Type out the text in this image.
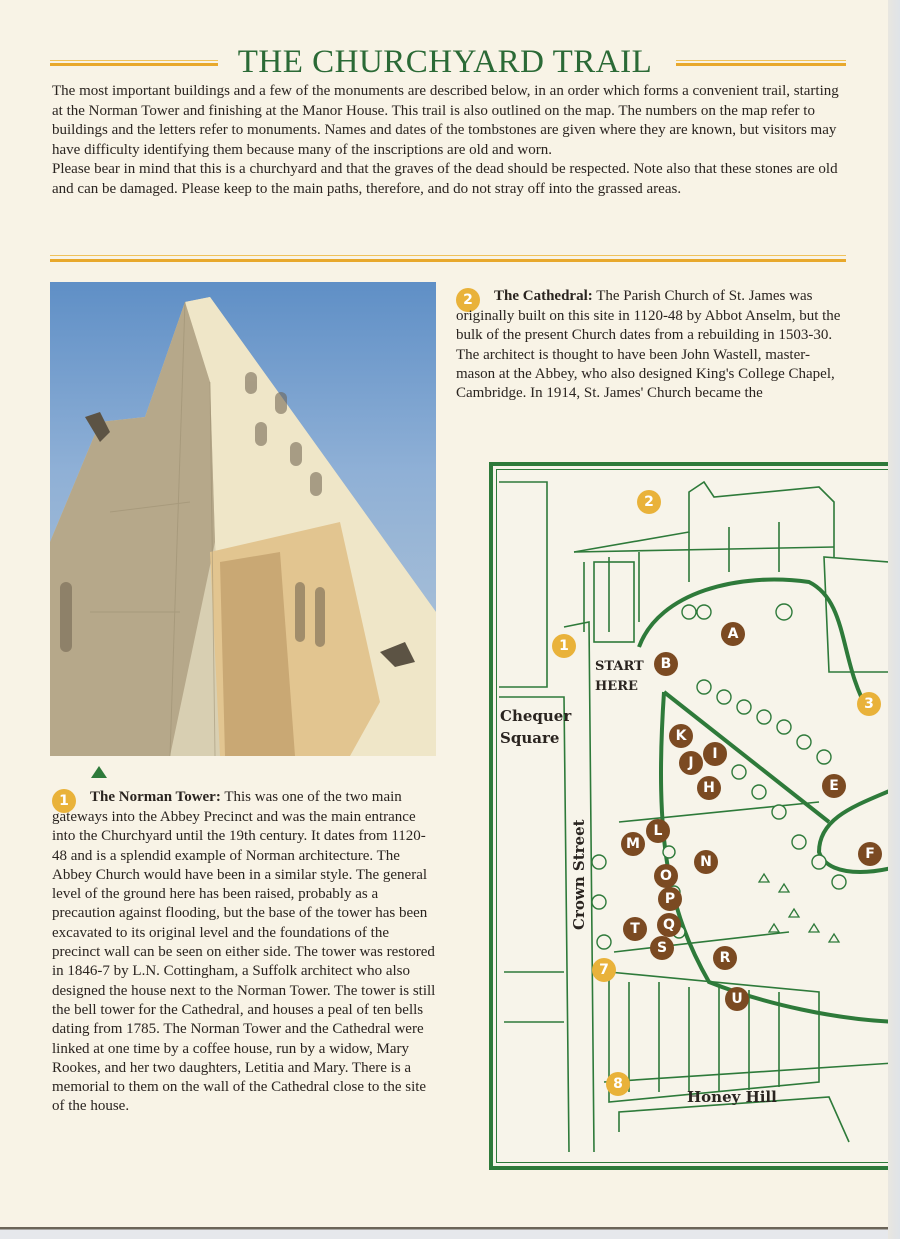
THE CHURCHYARD TRAIL

The most important buildings and a few of the monuments are described below, in an order which forms a convenient trail, starting at the Norman Tower and finishing at the Manor House. This trail is also outlined on the map. The numbers on the map refer to buildings and the letters refer to monuments. Names and dates of the tombstones are given where they are known, but visitors may have difficulty identifying them because many of the inscriptions are old and worn.

Please bear in mind that this is a churchyard and that the graves of the dead should be respected. Note also that these stones are old and can be damaged. Please keep to the main paths, therefore, and do not stray off into the grassed areas.

1 The Norman Tower: This was one of the two main gateways into the Abbey Precinct and was the main entrance into the Churchyard until the 19th century. It dates from 1120-48 and is a splendid example of Norman architecture. The Abbey Church would have been in a similar style. The general level of the ground here has been raised, probably as a precaution against flooding, but the base of the tower has been excavated to its original level and the foundations of the precinct wall can be seen on either side. The tower was restored in 1846-7 by L.N. Cottingham, a Suffolk architect who also designed the house next to the Norman Tower. The tower is still the bell tower for the Cathedral, and houses a peal of ten bells dating from 1785. The Norman Tower and the Cathedral were linked at one time by a coffee house, run by a widow, Mary Rookes, and her two daughters, Letitia and Mary. There is a memorial to them on the wall of the Cathedral close to the site of the house.
2 The Cathedral: The Parish Church of St. James was originally built on this site in 1120-48 by Abbot Anselm, but the bulk of the present Church dates from a rebuilding in 1503-30. The architect is thought to have been John Wastell, master-mason at the Abbey, who also designed King's College Chapel, Cambridge. In 1914, St. James' Church became the
1
2
3
7
8
A
B
E
F
H
I
J
K
L
M
N
O
P
Q
R
S
T
U
START HERE
Chequer Square
Crown Street
Honey Hill
